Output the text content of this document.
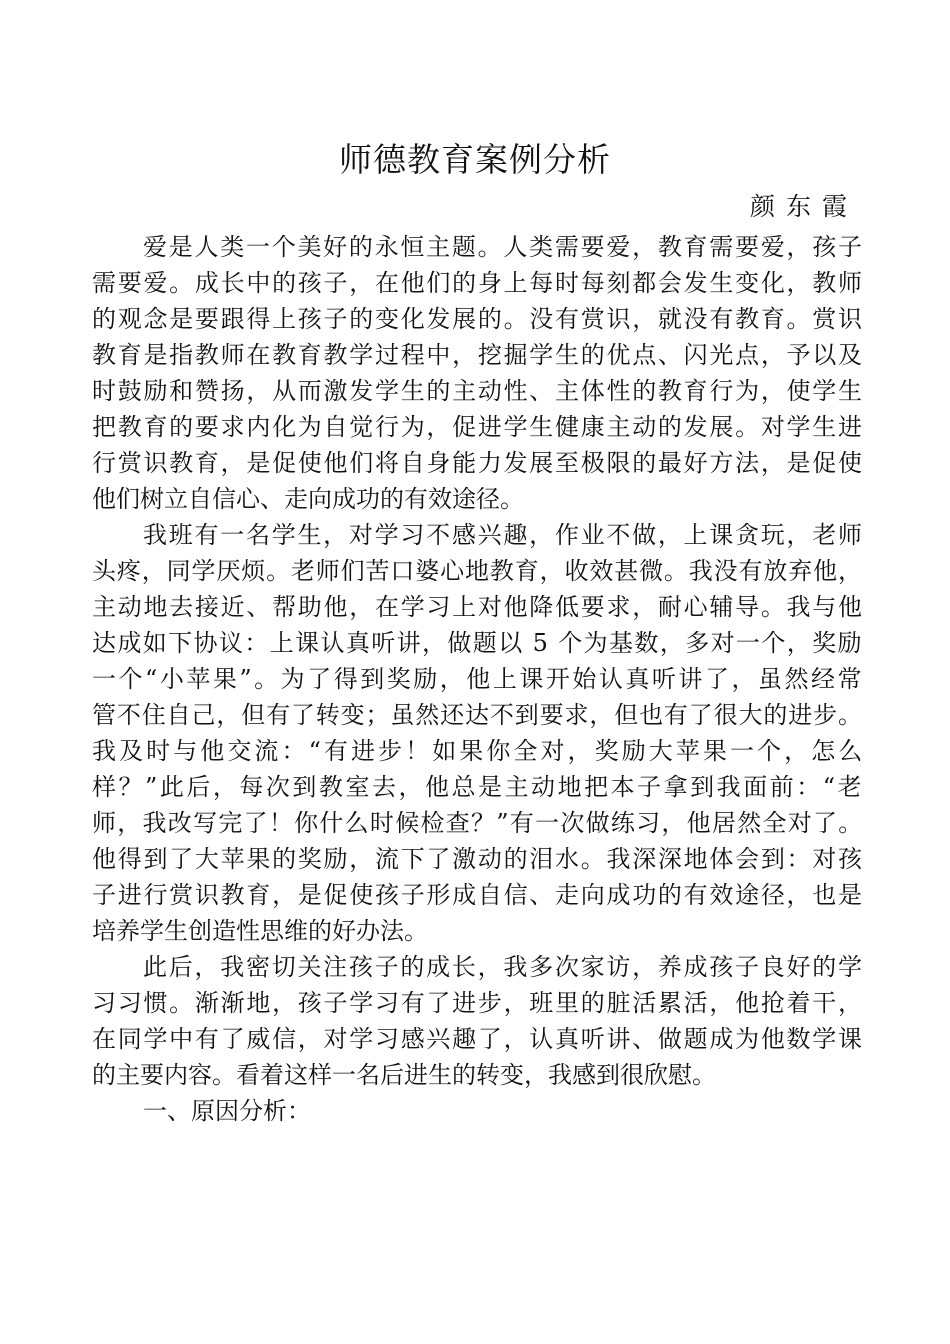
师德教育案例分析
颜东霞
爱是人类一个美好的永恒主题。人类需要爱，教育需要爱，孩子
需要爱。成长中的孩子，在他们的身上每时每刻都会发生变化，教师
的观念是要跟得上孩子的变化发展的。没有赏识，就没有教育。赏识
教育是指教师在教育教学过程中，挖掘学生的优点、闪光点，予以及
时鼓励和赞扬，从而激发学生的主动性、主体性的教育行为，使学生
把教育的要求内化为自觉行为，促进学生健康主动的发展。对学生进
行赏识教育，是促使他们将自身能力发展至极限的最好方法，是促使
他们树立自信心、走向成功的有效途径。
我班有一名学生，对学习不感兴趣，作业不做，上课贪玩，老师
头疼，同学厌烦。老师们苦口婆心地教育，收效甚微。我没有放弃他，
主动地去接近、帮助他，在学习上对他降低要求，耐心辅导。我与他
达成如下协议：上课认真听讲，做题以 5 个为基数，多对一个，奖励
一个“小苹果”。为了得到奖励，他上课开始认真听讲了，虽然经常
管不住自己，但有了转变；虽然还达不到要求，但也有了很大的进步。
我及时与他交流：“有进步！如果你全对，奖励大苹果一个，怎么
样？”此后，每次到教室去，他总是主动地把本子拿到我面前：“老
师，我改写完了！你什么时候检查？”有一次做练习，他居然全对了。
他得到了大苹果的奖励，流下了激动的泪水。我深深地体会到：对孩
子进行赏识教育，是促使孩子形成自信、走向成功的有效途径，也是
培养学生创造性思维的好办法。
此后，我密切关注孩子的成长，我多次家访，养成孩子良好的学
习习惯。渐渐地，孩子学习有了进步，班里的脏活累活，他抢着干，
在同学中有了威信，对学习感兴趣了，认真听讲、做题成为他数学课
的主要内容。看着这样一名后进生的转变，我感到很欣慰。
一、原因分析：
